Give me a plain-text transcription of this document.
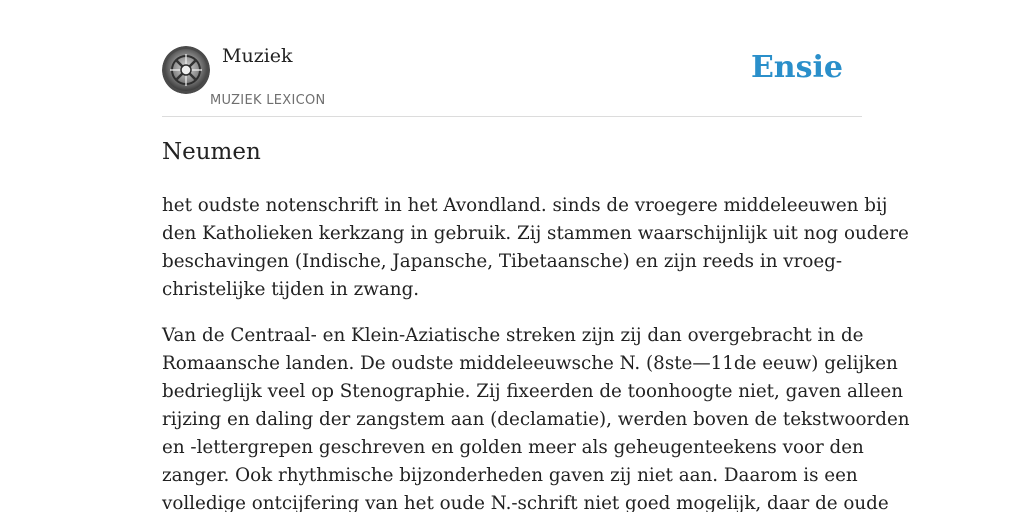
Muziek
MUZIEK LEXICON
Ensie
Neumen

het oudste notenschrift in het Avondland. sinds de vroegere middeleeuwen bij
den Katholieken kerkzang in gebruik. Zij stammen waarschijnlijk uit nog oudere
beschavingen (Indische, Japansche, Tibetaansche) en zijn reeds in vroeg-
christelijke tijden in zwang.

Van de Centraal- en Klein-Aziatische streken zijn zij dan overgebracht in de
Romaansche landen. De oudste middeleeuwsche N. (8ste—11de eeuw) gelijken
bedrieglijk veel op Stenographie. Zij fixeerden de toonhoogte niet, gaven alleen
rijzing en daling der zangstem aan (declamatie), werden boven de tekstwoorden
en -lettergrepen geschreven en golden meer als geheugenteekens voor den
zanger. Ook rhythmische bijzonderheden gaven zij niet aan. Daarom is een
volledige ontcijfering van het oude N.-schrift niet goed mogelijk, daar de oude
